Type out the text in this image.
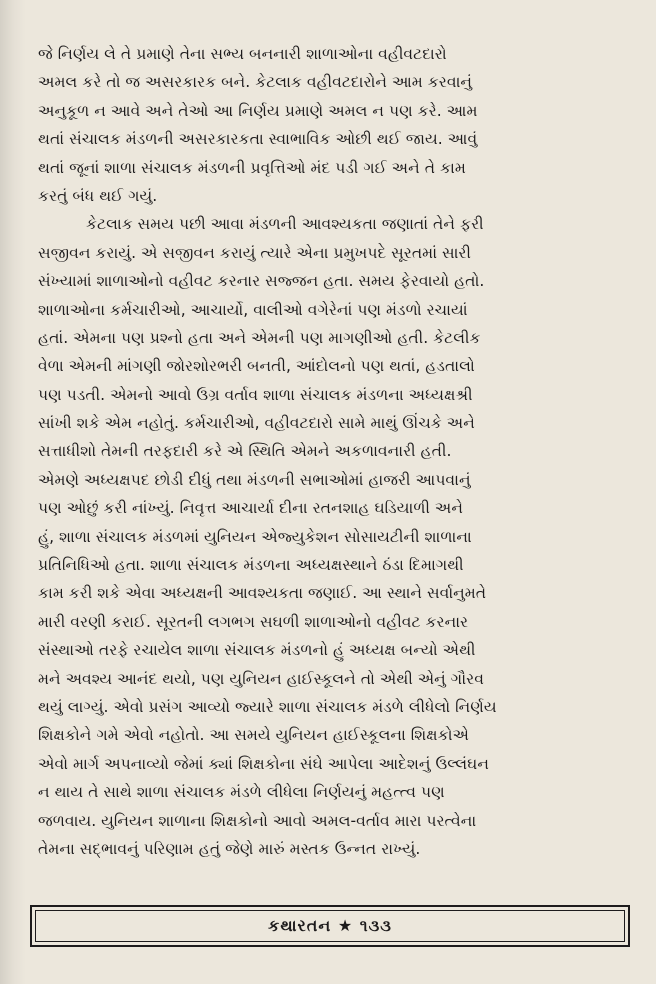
જે નિર્ણય લે તે પ્રમાણે તેના સભ્ય બનનારી શાળાઓના વહીવટદારો
અમલ કરે તો જ અસરકારક બને. કેટલાક વહીવટદારોને આમ કરવાનું
અનુકૂળ ન આવે અને તેઓ આ નિર્ણય પ્રમાણે અમલ ન પણ કરે. આમ
થતાં સંચાલક મંડળની અસરકારકતા સ્વાભાવિક ઓછી થઈ જાય. આવું
થતાં જૂનાં શાળા સંચાલક મંડળની પ્રવૃત્તિઓ મંદ પડી ગઈ અને તે કામ
કરતું બંધ થઈ ગયું.
કેટલાક સમય પછી આવા મંડળની આવશ્યકતા જણાતાં તેને ફરી
સજીવન કરાયું. એ સજીવન કરાયું ત્યારે એના પ્રમુખપદે સૂરતમાં સારી
સંખ્યામાં શાળાઓનો વહીવટ કરનાર સજ્જન હતા. સમય ફેરવાયો હતો.
શાળાઓના કર્મચારીઓ, આચાર્યો, વાલીઓ વગેરેનાં પણ મંડળો રચાયાં
હતાં. એમના પણ પ્રશ્નો હતા અને એમની પણ માગણીઓ હતી. કેટલીક
વેળા એમની માંગણી જોરશોરભરી બનતી, આંદોલનો પણ થતાં, હડતાલો
પણ પડતી. એમનો આવો ઉગ્ર વર્તાવ શાળા સંચાલક મંડળના અધ્યક્ષશ્રી
સાંખી શકે એમ નહોતું. કર્મચારીઓ, વહીવટદારો સામે માથું ઊંચકે અને
સત્તાધીશો તેમની તરફદારી કરે એ સ્થિતિ એમને અકળાવનારી હતી.
એમણે અધ્યક્ષપદ છોડી દીધું તથા મંડળની સભાઓમાં હાજરી આપવાનું
પણ ઓછું કરી નાંખ્યું. નિવૃત્ત આચાર્યા દીના રતનશાહ ઘડિયાળી અને
હું, શાળા સંચાલક મંડળમાં યુનિયન એજ્યુકેશન સોસાયટીની શાળાના
પ્રતિનિધિઓ હતા. શાળા સંચાલક મંડળના અધ્યક્ષસ્થાને ઠંડા દિમાગથી
કામ કરી શકે એવા અધ્યક્ષની આવશ્યકતા જણાઈ. આ સ્થાને સર્વાનુમતે
મારી વરણી કરાઈ. સૂરતની લગભગ સઘળી શાળાઓનો વહીવટ કરનાર
સંસ્થાઓ તરફે રચાયેલ શાળા સંચાલક મંડળનો હું અધ્યક્ષ બન્યો એથી
મને અવશ્ય આનંદ થયો, પણ યુનિયન હાઈસ્કૂલને તો એથી એનું ગૌરવ
થયું લાગ્યું. એવો પ્રસંગ આવ્યો જ્યારે શાળા સંચાલક મંડળે લીધેલો નિર્ણય
શિક્ષકોને ગમે એવો નહોતો. આ સમયે યુનિયન હાઈસ્કૂલના શિક્ષકોએ
એવો માર્ગ અપનાવ્યો જેમાં ક્યાં શિક્ષકોના સંઘે આપેલા આદેશનું ઉલ્લંઘન
ન થાય તે સાથે શાળા સંચાલક મંડળે લીધેલા નિર્ણયનું મહત્ત્વ પણ
જળવાય. યુનિયન શાળાના શિક્ષકોનો આવો અમલ-વર્તાવ મારા પરત્વેના
તેમના સદ્ભાવનું પરિણામ હતું જેણે મારું મસ્તક ઉન્નત રાખ્યું.
કથારતન ★ ૧૩૩
